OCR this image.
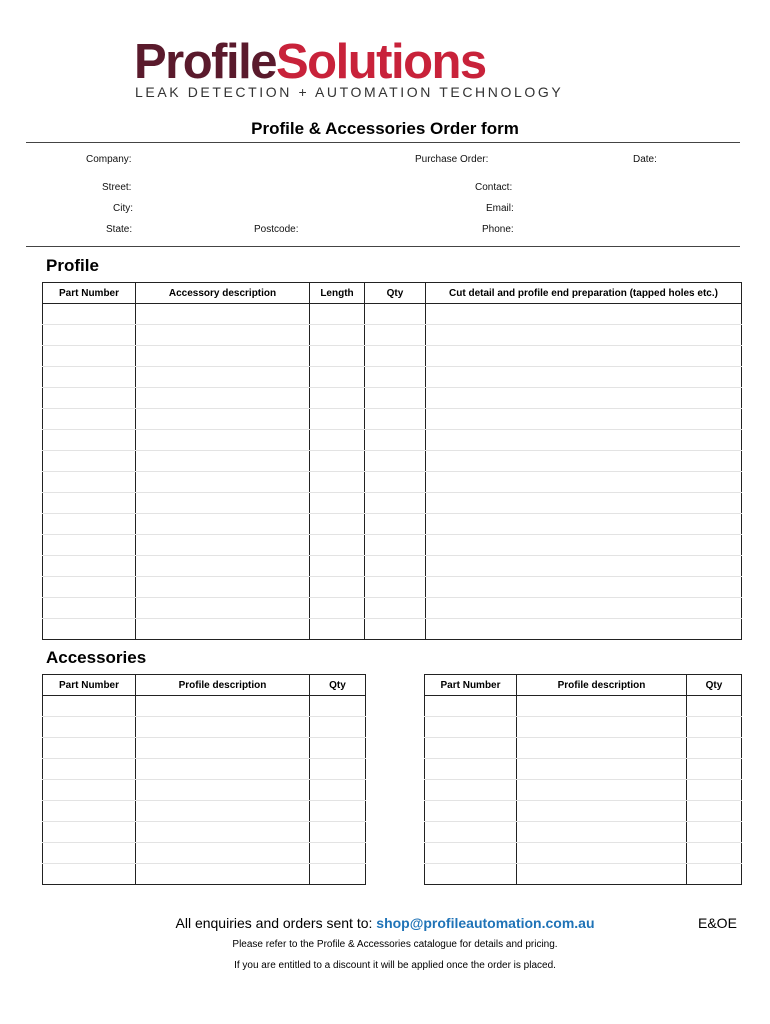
ProfileSolutions
LEAK DETECTION + AUTOMATION TECHNOLOGY
Profile & Accessories Order form
Company:	Purchase Order:	Date:
Street:	Contact:
City:	Email:
State:	Postcode:	Phone:
Profile
Part Number	Accessory description	Length	Qty	Cut detail and profile end preparation (tapped holes etc.)

Accessories
Part Number	Profile description	Qty

			Part Number	Profile description	Qty

All enquiries and orders sent to: shop@profileautomation.com.au	E&OE
Please refer to the Profile & Accessories catalogue for details and pricing.
If you are entitled to a discount it will be applied once the order is placed.
